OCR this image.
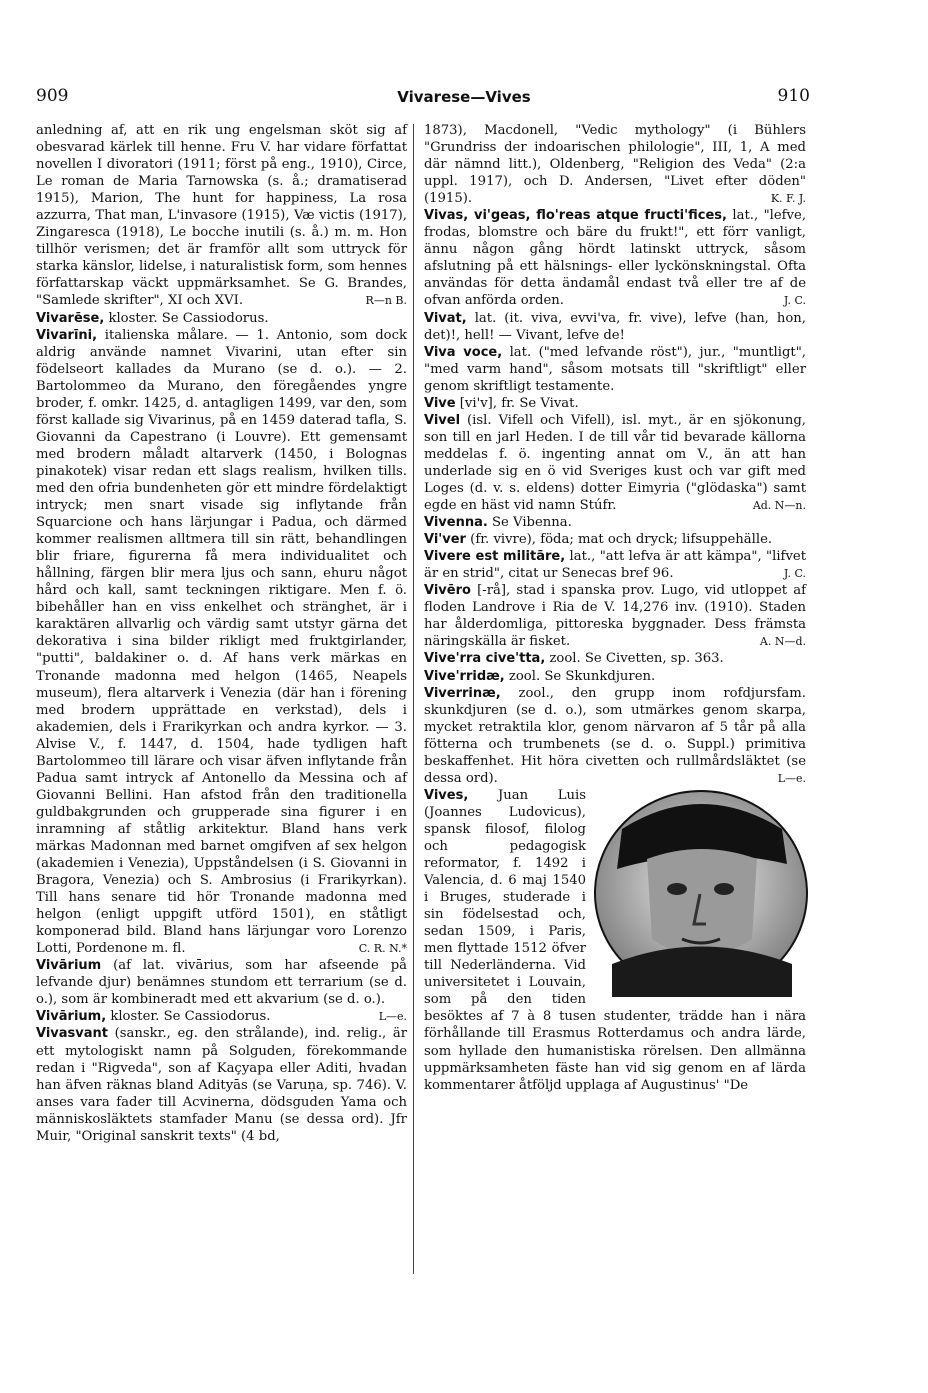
909	Vivarese—Vives	910

anledning af, att en rik ung engelsman sköt sig af obesvarad kärlek till henne. Fru V. har vidare författat novellen I divoratori (1911; först på eng., 1910), Circe, Le roman de Maria Tarnowska (s. å.; dramatiserad 1915), Marion, The hunt for happiness, La rosa azzurra, That man, L'invasore (1915), Væ victis (1917), Zingaresca (1918), Le bocche inutili (s. å.) m. m. Hon tillhör verismen; det är framför allt som uttryck för starka känslor, lidelse, i naturalistisk form, som hennes författarskap väckt uppmärksamhet. Se G. Brandes, "Samlede skrifter", XI och XVI.	R—n B.

Vivarēse, kloster. Se Cassiodorus.

Vivarīni, italienska målare. — 1. Antonio, som dock aldrig använde namnet Vivarini, utan efter sin födelseort kallades da Murano (se d. o.). — 2. Bartolommeo da Murano, den föregåendes yngre broder, f. omkr. 1425, d. antagligen 1499, var den, som först kallade sig Vivarinus, på en 1459 daterad tafla, S. Giovanni da Capestrano (i Louvre). Ett gemensamt med brodern måladt altarverk (1450, i Bolognas pinakotek) visar redan ett slags realism, hvilken tills. med den ofria bundenheten gör ett mindre fördelaktigt intryck; men snart visade sig inflytande från Squarcione och hans lärjungar i Padua, och därmed kommer realismen alltmera till sin rätt, behandlingen blir friare, figurerna få mera individualitet och hållning, färgen blir mera ljus och sann, ehuru något hård och kall, samt teckningen riktigare. Men f. ö. bibehåller han en viss enkelhet och stränghet, är i karaktären allvarlig och värdig samt utstyr gärna det dekorativa i sina bilder rikligt med fruktgirlander, "putti", baldakiner o. d. Af hans verk märkas en Tronande madonna med helgon (1465, Neapels museum), flera altarverk i Venezia (där han i förening med brodern upprättade en verkstad), dels i akademien, dels i Frarikyrkan och andra kyrkor. — 3. Alvise V., f. 1447, d. 1504, hade tydligen haft Bartolommeo till lärare och visar äfven inflytande från Padua samt intryck af Antonello da Messina och af Giovanni Bellini. Han afstod från den traditionella guldbakgrunden och grupperade sina figurer i en inramning af ståtlig arkitektur. Bland hans verk märkas Madonnan med barnet omgifven af sex helgon (akademien i Venezia), Uppståndelsen (i S. Giovanni in Bragora, Venezia) och S. Ambrosius (i Frarikyrkan). Till hans senare tid hör Tronande madonna med helgon (enligt uppgift utförd 1501), en ståtligt komponerad bild. Bland hans lärjungar voro Lorenzo Lotti, Pordenone m. fl.	C. R. N.*

Vivārium (af lat. vivārius, som har afseende på lefvande djur) benämnes stundom ett terrarium (se d. o.), som är kombineradt med ett akvarium (se d. o.).
L—e.

Vivārium, kloster. Se Cassiodorus.

Vivasvant (sanskr., eg. den strålande), ind. relig., är ett mytologiskt namn på Solguden, förekommande redan i "Rigveda", son af Kaçyapa eller Aditi, hvadan han äfven räknas bland Adityās (se Varuṇa, sp. 746). V. anses vara fader till Acvinerna, dödsguden Yama och människosläktets stamfader Manu (se dessa ord). Jfr Muir, "Original sanskrit texts" (4 bd,

1873), Macdonell, "Vedic mythology" (i Bühlers "Grundriss der indoarischen philologie", III, 1, A med där nämnd litt.), Oldenberg, "Religion des Veda" (2:a uppl. 1917), och D. Andersen, "Livet efter döden" (1915).	K. F. J.

Vivas, vi'geas, flo'reas atque fructi'fices, lat., "lefve, frodas, blomstre och bäre du frukt!", ett förr vanligt, ännu någon gång hördt latinskt uttryck, såsom afslutning på ett hälsnings- eller lyckönskningstal. Ofta användas för detta ändamål endast två eller tre af de ofvan anförda orden.	J. C.

Vivat, lat. (it. viva, evvi'va, fr. vive), lefve (han, hon, det)!, hell! — Vivant, lefve de!

Viva voce, lat. ("med lefvande röst"), jur., "muntligt", "med varm hand", såsom motsats till "skriftligt" eller genom skriftligt testamente.

Vive [vi'v], fr. Se Vivat.

Vivel (isl. Vifell och Vifell), isl. myt., är en sjökonung, son till en jarl Heden. I de till vår tid bevarade källorna meddelas f. ö. ingenting annat om V., än att han underlade sig en ö vid Sveriges kust och var gift med Loges (d. v. s. eldens) dotter Eimyria ("glödaska") samt egde en häst vid namn Stúfr.	Ad. N—n.

Vivenna. Se Vibenna.

Vi'ver (fr. vivre), föda; mat och dryck; lifsuppehälle.

Vivere est militāre, lat., "att lefva är att kämpa", "lifvet är en strid", citat ur Senecas bref 96.	J. C.

Vivēro [-rå], stad i spanska prov. Lugo, vid utloppet af floden Landrove i Ria de V. 14,276 inv. (1910). Staden har ålderdomliga, pittoreska byggnader. Dess främsta näringskälla är fisket.	A. N—d.

Vive'rra cive'tta, zool. Se Civetten, sp. 363.

Vive'rridæ, zool. Se Skunkdjuren.

Viverrinæ, zool., den grupp inom rofdjursfam. skunkdjuren (se d. o.), som utmärkes genom skarpa, mycket retraktila klor, genom närvaron af 5 tår på alla fötterna och trumbenets (se d. o. Suppl.) primitiva beskaffenhet. Hit höra civetten och rullmårdsläktet (se dessa ord).	L—e.

Vives, Juan Luis (Joannes Ludovicus), spansk filosof, filolog och pedagogisk reformator, f. 1492 i Valencia, d. 6 maj 1540 i Bruges, studerade i sin födelsestad och, sedan 1509, i Paris, men flyttade 1512 öfver till Nederländerna. Vid universitetet i Louvain, som på den tiden besöktes af 7 à 8 tusen studenter, trädde han i nära förhållande till Erasmus Rotterdamus och andra lärde, som hyllade den humanistiska rörelsen. Den allmänna uppmärksamheten fäste han vid sig genom en af lärda kommentarer åtföljd upplaga af Augustinus' "De
